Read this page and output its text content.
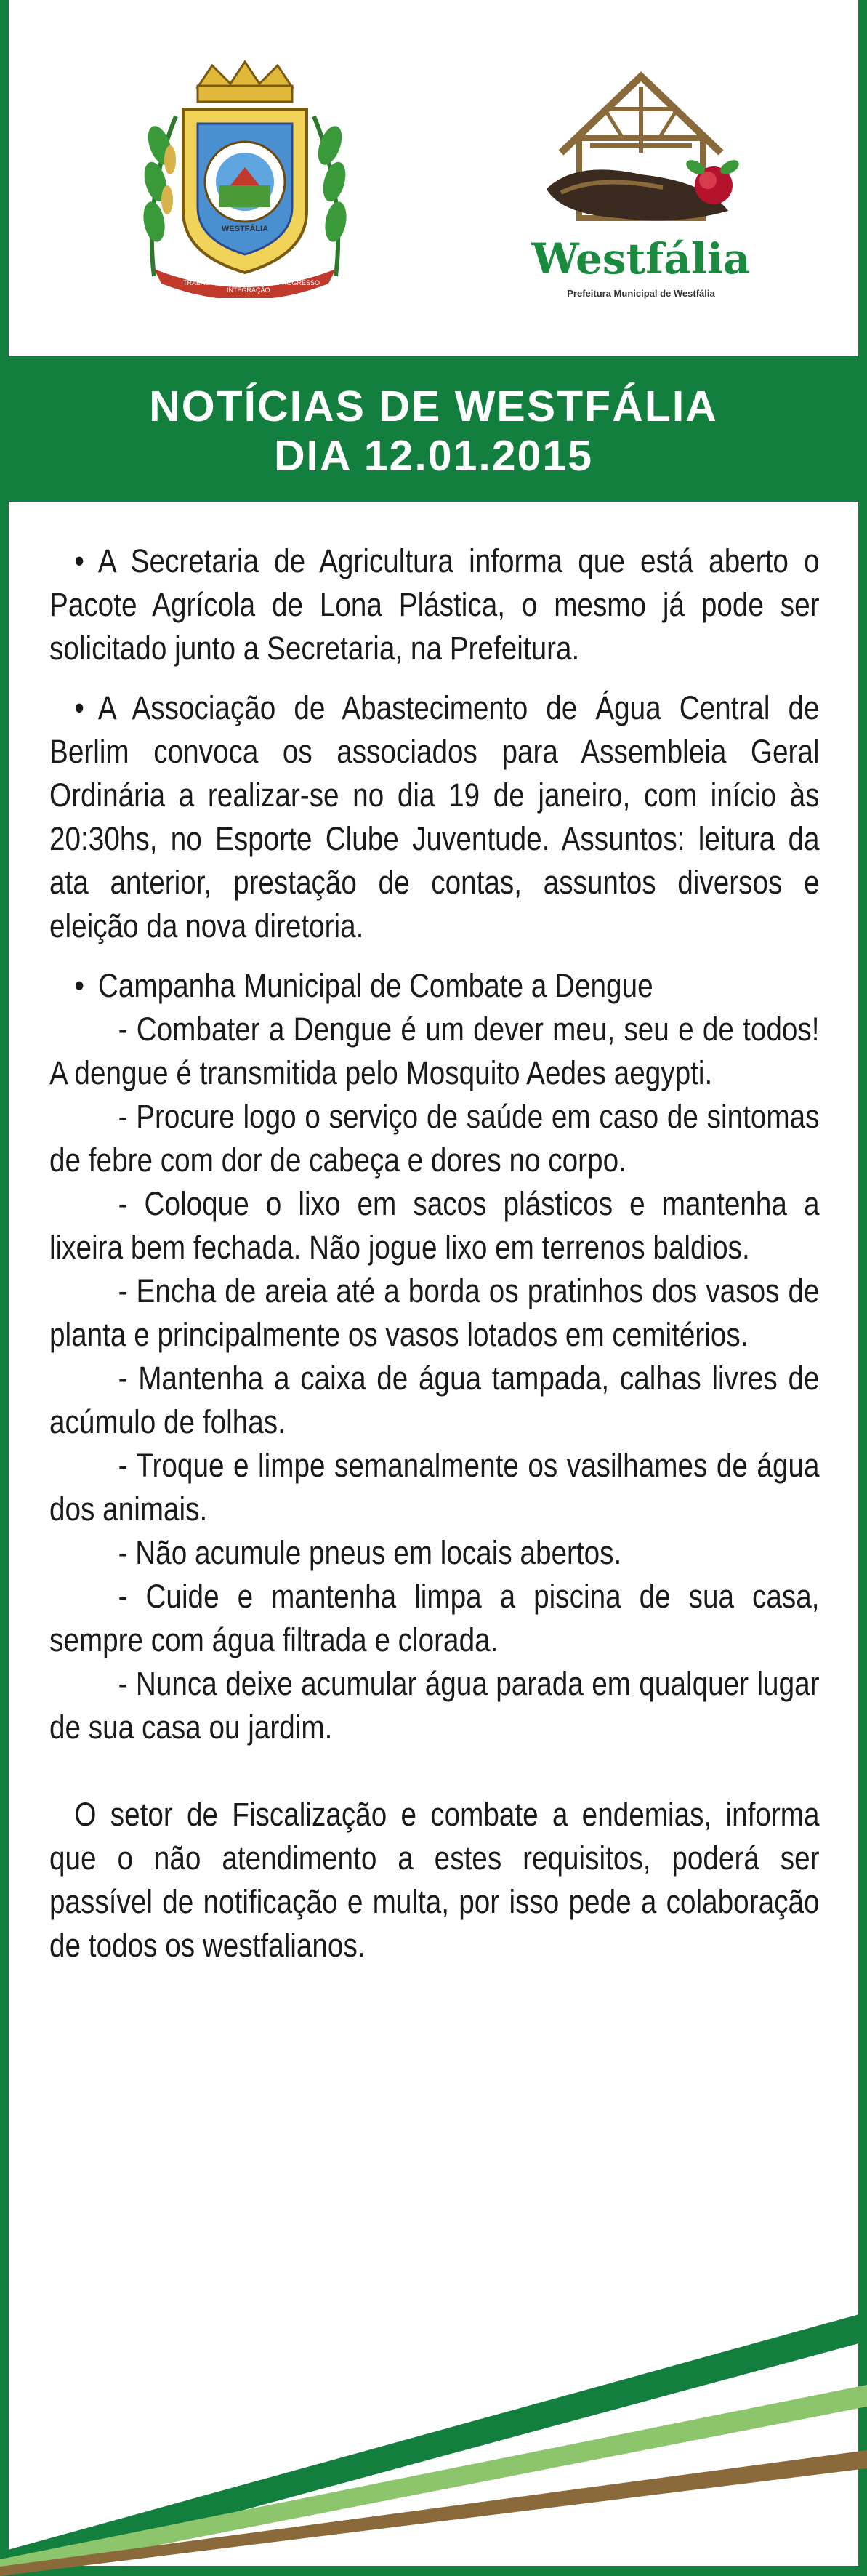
WESTFÁLIA
TRABALHO
INTEGRAÇÃO
PROGRESSO	Westfália
Prefeitura Municipal de Westfália
NOTÍCIAS DE WESTFÁLIA
DIA 12.01.2015

• A Secretaria de Agricultura informa que está aberto o Pacote Agrícola de Lona Plástica, o mesmo já pode ser solicitado junto a Secretaria, na Prefeitura.

• A Associação de Abastecimento de Água Central de Berlim convoca os associados para Assembleia Geral Ordinária a realizar-se no dia 19 de janeiro, com início às 20:30hs, no Esporte Clube Juventude. Assuntos: leitura da ata anterior, prestação de contas, assuntos diversos e eleição da nova diretoria.

• Campanha Municipal de Combate a Dengue

- Combater a Dengue é um dever meu, seu e de todos! A dengue é transmitida pelo Mosquito Aedes aegypti.

- Procure logo o serviço de saúde em caso de sintomas de febre com dor de cabeça e dores no corpo.

- Coloque o lixo em sacos plásticos e mantenha a lixeira bem fechada. Não jogue lixo em terrenos baldios.

- Encha de areia até a borda os pratinhos dos vasos de planta e principalmente os vasos lotados em cemitérios.

- Mantenha a caixa de água tampada, calhas livres de acúmulo de folhas.

- Troque e limpe semanalmente os vasilhames de água dos animais.

- Não acumule pneus em locais abertos.

- Cuide e mantenha limpa a piscina de sua casa, sempre com água filtrada e clorada.

- Nunca deixe acumular água parada em qualquer lugar de sua casa ou jardim.

O setor de Fiscalização e combate a endemias, informa que o não atendimento a estes requisitos, poderá ser passível de notificação e multa, por isso pede a colaboração de todos os westfalianos.
